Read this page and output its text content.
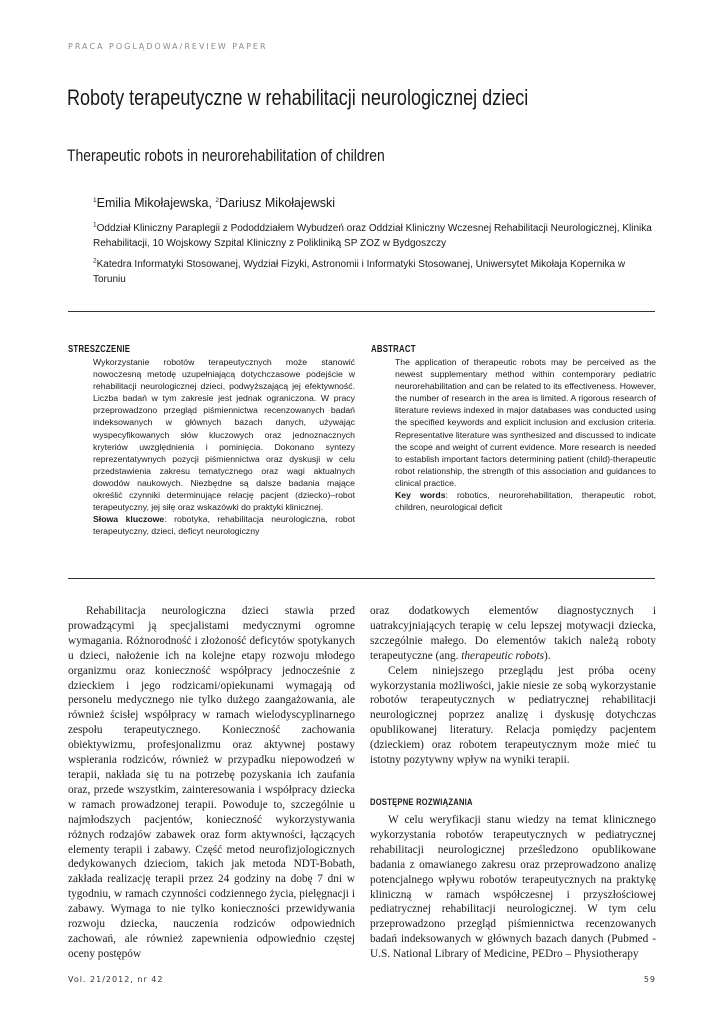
PRACA POGLĄDOWA/REVIEW PAPER
Roboty terapeutyczne w rehabilitacji neurologicznej dzieci
Therapeutic robots in neurorehabilitation of children
$^1$Emilia Mikołajewska, $^2$Dariusz Mikołajewski
$^1$Oddział Kliniczny Paraplegii z Pododdziałem Wybudzeń oraz Oddział Kliniczny Wczesnej Rehabilitacji Neurologicznej, Klinika Rehabilitacji, 10 Wojskowy Szpital Kliniczny z Polikliniką SP ZOZ w Bydgoszczy
$^2$Katedra Informatyki Stosowanej, Wydział Fizyki, Astronomii i Informatyki Stosowanej, Uniwersytet Mikołaja Kopernika w Toruniu
STRESZCZENIE

Wykorzystanie robotów terapeutycznych może stanowić nowoczesną metodę uzupełniającą dotychczasowe podejście w rehabilitacji neurologicznej dzieci, podwyższającą jej efektywność. Liczba badań w tym zakresie jest jednak ograniczona. W pracy przeprowadzono przegląd piśmiennictwa recenzowanych badań indeksowanych w głównych bazach danych, używając wyspecyfikowanych słów kluczowych oraz jednoznacznych kryteriów uwzględnienia i pominięcia. Dokonano syntezy reprezentatywnych pozycji piśmiennictwa oraz dyskusji w celu przedstawienia zakresu tematycznego oraz wagi aktualnych dowodów naukowych. Niezbędne są dalsze badania mające określić czynniki determinujące relację pacjent (dziecko)–robot terapeutyczny, jej siłę oraz wskazówki do praktyki klinicznej.

Słowa kluczowe: robotyka, rehabilitacja neurologiczna, robot terapeutyczny, dzieci, deficyt neurologiczny

ABSTRACT

The application of therapeutic robots may be perceived as the newest supplementary method within contemporary pediatric neurorehabilitation and can be related to its effectiveness. However, the number of research in the area is limited. A rigorous research of literature reviews indexed in major databases was conducted using the specified keywords and explicit inclusion and exclusion criteria. Representative literature was synthesized and discussed to indicate the scope and weight of current evidence. More research is needed to establish important factors determining patient (child)-therapeutic robot relationship, the strength of this association and guidances to clinical practice.

Key words: robotics, neurorehabilitation, therapeutic robot, children, neurological deficit

Rehabilitacja neurologiczna dzieci stawia przed prowadzącymi ją specjalistami medycznymi ogromne wymagania. Różnorodność i złożoność deficytów spotykanych u dzieci, nałożenie ich na kolejne etapy rozwoju młodego organizmu oraz konieczność współpracy jednocześnie z dzieckiem i jego rodzicami/opiekunami wymagają od personelu medycznego nie tylko dużego zaangażowania, ale również ścisłej współpracy w ramach wielodyscyplinarnego zespołu terapeutycznego. Konieczność zachowania obiektywizmu, profesjonalizmu oraz aktywnej postawy wspierania rodziców, również w przypadku niepowodzeń w terapii, nakłada się tu na potrzebę pozyskania ich zaufania oraz, przede wszystkim, zainteresowania i współpracy dziecka w ramach prowadzonej terapii. Powoduje to, szczególnie u najmłodszych pacjentów, konieczność wykorzystywania różnych rodzajów zabawek oraz form aktywności, łączących elementy terapii i zabawy. Część metod neurofizjologicznych dedykowanych dzieciom, takich jak metoda NDT-Bobath, zakłada realizację terapii przez 24 godziny na dobę 7 dni w tygodniu, w ramach czynności codziennego życia, pielęgnacji i zabawy. Wymaga to nie tylko konieczności przewidywania rozwoju dziecka, nauczenia rodziców odpowiednich zachowań, ale również zapewnienia odpowiednio częstej oceny postępów

oraz dodatkowych elementów diagnostycznych i uatrakcyjniających terapię w celu lepszej motywacji dziecka, szczególnie małego. Do elementów takich należą roboty terapeutyczne (ang. therapeutic robots).

Celem niniejszego przeglądu jest próba oceny wykorzystania możliwości, jakie niesie ze sobą wykorzystanie robotów terapeutycznych w pediatrycznej rehabilitacji neurologicznej poprzez analizę i dyskusję dotychczas opublikowanej literatury. Relacja pomiędzy pacjentem (dzieckiem) oraz robotem terapeutycznym może mieć tu istotny pozytywny wpływ na wyniki terapii.

DOSTĘPNE ROZWIĄZANIA

W celu weryfikacji stanu wiedzy na temat klinicznego wykorzystania robotów terapeutycznych w pediatrycznej rehabilitacji neurologicznej prześledzono opublikowane badania z omawianego zakresu oraz przeprowadzono analizę potencjalnego wpływu robotów terapeutycznych na praktykę kliniczną w ramach współczesnej i przyszłościowej pediatrycznej rehabilitacji neurologicznej. W tym celu przeprowadzono przegląd piśmiennictwa recenzowanych badań indeksowanych w głównych bazach danych (Pubmed - U.S. National Library of Medicine, PEDro – Physiotherapy

Vol. 21/2012, nr 42	59
